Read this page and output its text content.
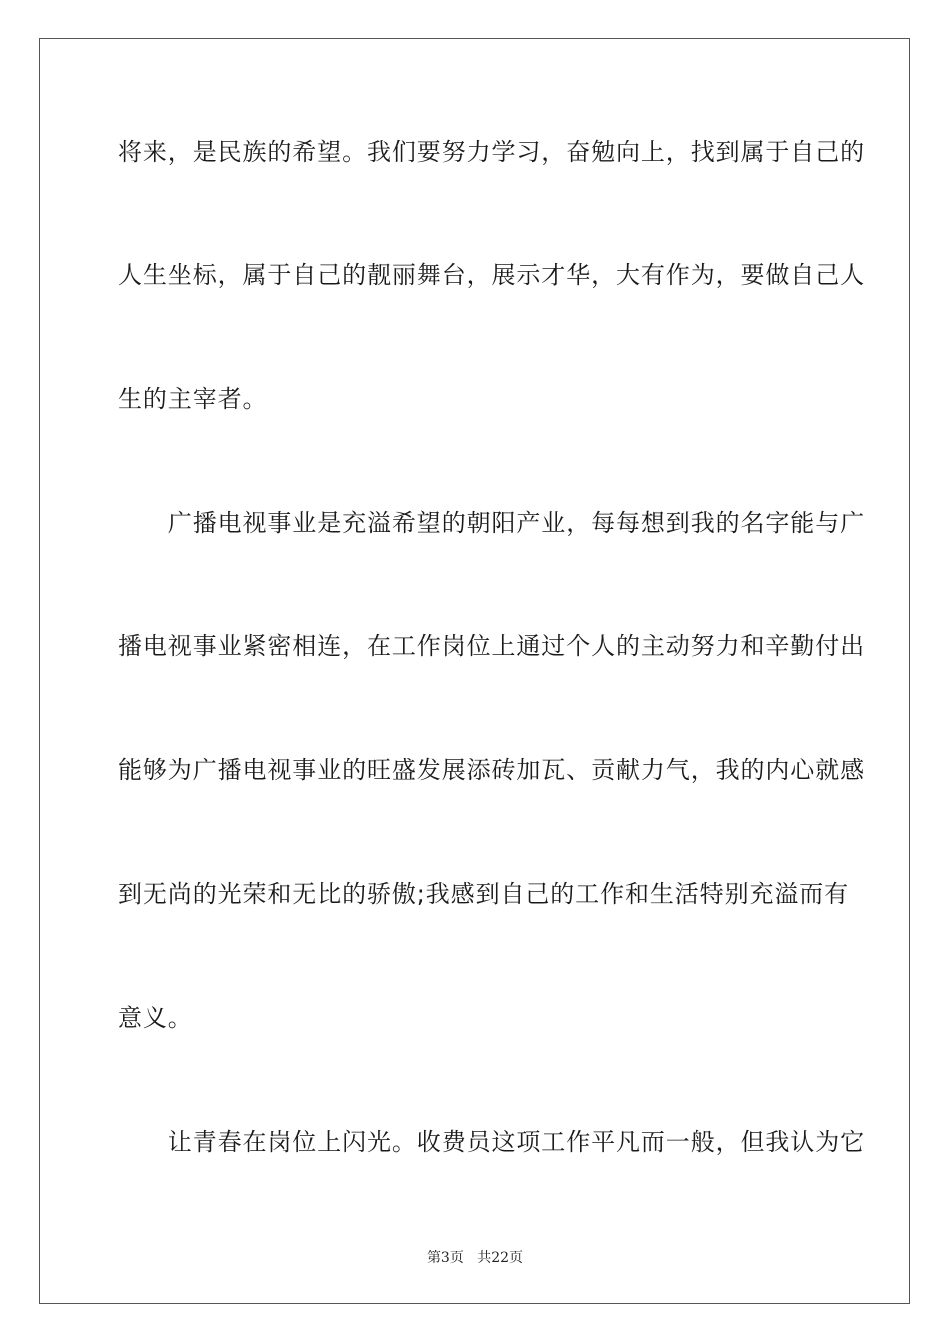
将来，是民族的希望。我们要努力学习，奋勉向上，找到属于自己的
人生坐标，属于自己的靓丽舞台，展示才华，大有作为，要做自己人
生的主宰者。
　　广播电视事业是充溢希望的朝阳产业，每每想到我的名字能与广
播电视事业紧密相连，在工作岗位上通过个人的主动努力和辛勤付出
能够为广播电视事业的旺盛发展添砖加瓦、贡献力气，我的内心就感
到无尚的光荣和无比的骄傲;我感到自己的工作和生活特别充溢而有
意义。
　　让青春在岗位上闪光。收费员这项工作平凡而一般，但我认为它
第3页 共22页
